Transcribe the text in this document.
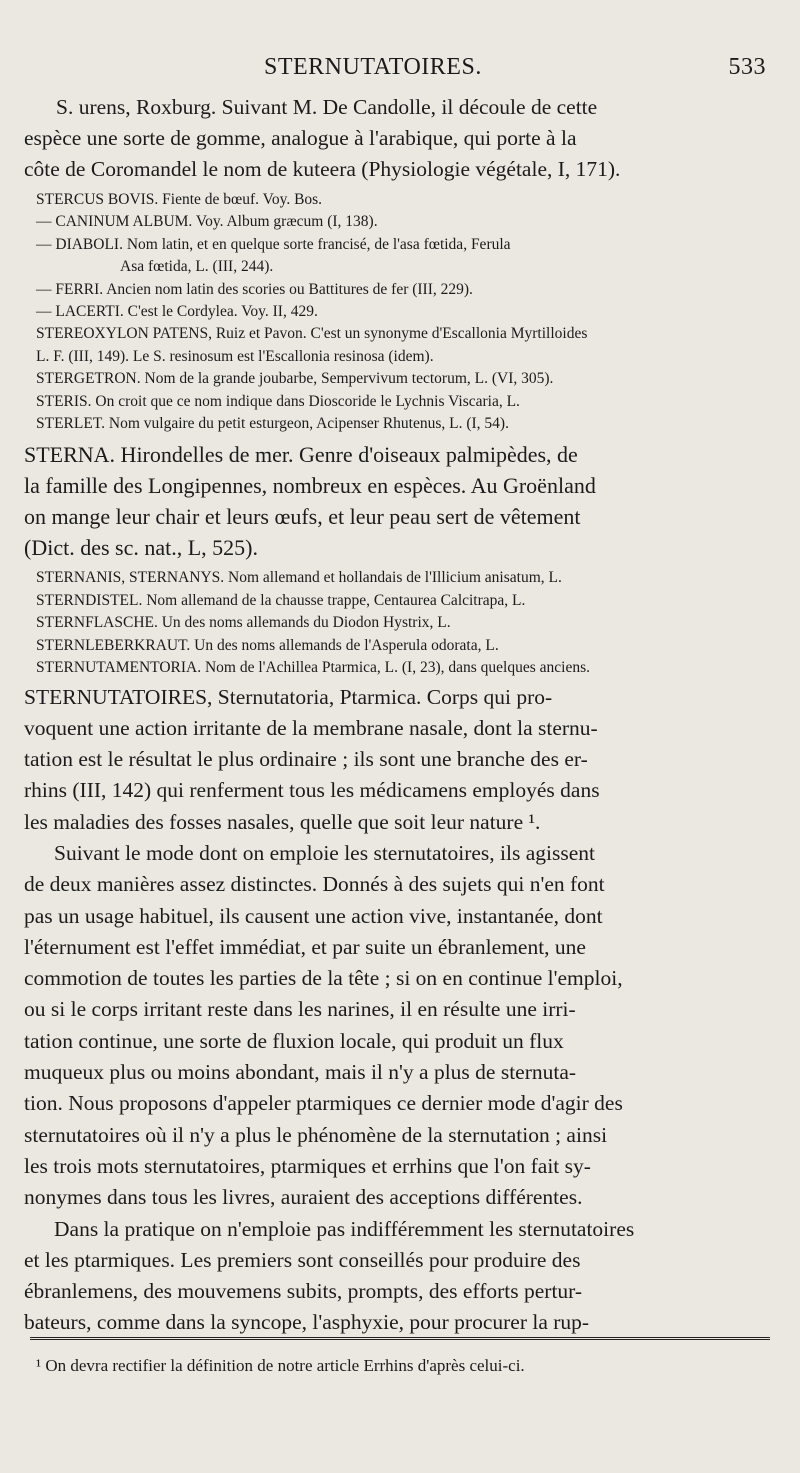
STERNUTATOIRES.	533

S. urens, Roxburg. Suivant M. De Candolle, il découle de cette

espèce une sorte de gomme, analogue à l'arabique, qui porte à la

côte de Coromandel le nom de kuteera (Physiologie végétale, I, 171).

STERCUS BOVIS. Fiente de bœuf. Voy. Bos.

— CANINUM ALBUM. Voy. Album græcum (I, 138).

— DIABOLI. Nom latin, et en quelque sorte francisé, de l'asa fœtida, Ferula

Asa fœtida, L. (III, 244).

— FERRI. Ancien nom latin des scories ou Battitures de fer (III, 229).

— LACERTI. C'est le Cordylea. Voy. II, 429.

STEREOXYLON PATENS, Ruiz et Pavon. C'est un synonyme d'Escallonia Myrtilloides

L. F. (III, 149). Le S. resinosum est l'Escallonia resinosa (idem).

STERGETRON. Nom de la grande joubarbe, Sempervivum tectorum, L. (VI, 305).

STERIS. On croit que ce nom indique dans Dioscoride le Lychnis Viscaria, L.

STERLET. Nom vulgaire du petit esturgeon, Acipenser Rhutenus, L. (I, 54).

STERNA. Hirondelles de mer. Genre d'oiseaux palmipèdes, de

la famille des Longipennes, nombreux en espèces. Au Groënland

on mange leur chair et leurs œufs, et leur peau sert de vêtement

(Dict. des sc. nat., L, 525).

STERNANIS, STERNANYS. Nom allemand et hollandais de l'Illicium anisatum, L.

STERNDISTEL. Nom allemand de la chausse trappe, Centaurea Calcitrapa, L.

STERNFLASCHE. Un des noms allemands du Diodon Hystrix, L.

STERNLEBERKRAUT. Un des noms allemands de l'Asperula odorata, L.

STERNUTAMENTORIA. Nom de l'Achillea Ptarmica, L. (I, 23), dans quelques anciens.

STERNUTATOIRES, Sternutatoria, Ptarmica. Corps qui pro-

voquent une action irritante de la membrane nasale, dont la sternu-

tation est le résultat le plus ordinaire ; ils sont une branche des er-

rhins (III, 142) qui renferment tous les médicamens employés dans

les maladies des fosses nasales, quelle que soit leur nature ¹.

Suivant le mode dont on emploie les sternutatoires, ils agissent

de deux manières assez distinctes. Donnés à des sujets qui n'en font

pas un usage habituel, ils causent une action vive, instantanée, dont

l'éternument est l'effet immédiat, et par suite un ébranlement, une

commotion de toutes les parties de la tête ; si on en continue l'emploi,

ou si le corps irritant reste dans les narines, il en résulte une irri-

tation continue, une sorte de fluxion locale, qui produit un flux

muqueux plus ou moins abondant, mais il n'y a plus de sternuta-

tion. Nous proposons d'appeler ptarmiques ce dernier mode d'agir des

sternutatoires où il n'y a plus le phénomène de la sternutation ; ainsi

les trois mots sternutatoires, ptarmiques et errhins que l'on fait sy-

nonymes dans tous les livres, auraient des acceptions différentes.

Dans la pratique on n'emploie pas indifféremment les sternutatoires

et les ptarmiques. Les premiers sont conseillés pour produire des

ébranlemens, des mouvemens subits, prompts, des efforts pertur-

bateurs, comme dans la syncope, l'asphyxie, pour procurer la rup-

¹ On devra rectifier la définition de notre article Errhins d'après celui-ci.
